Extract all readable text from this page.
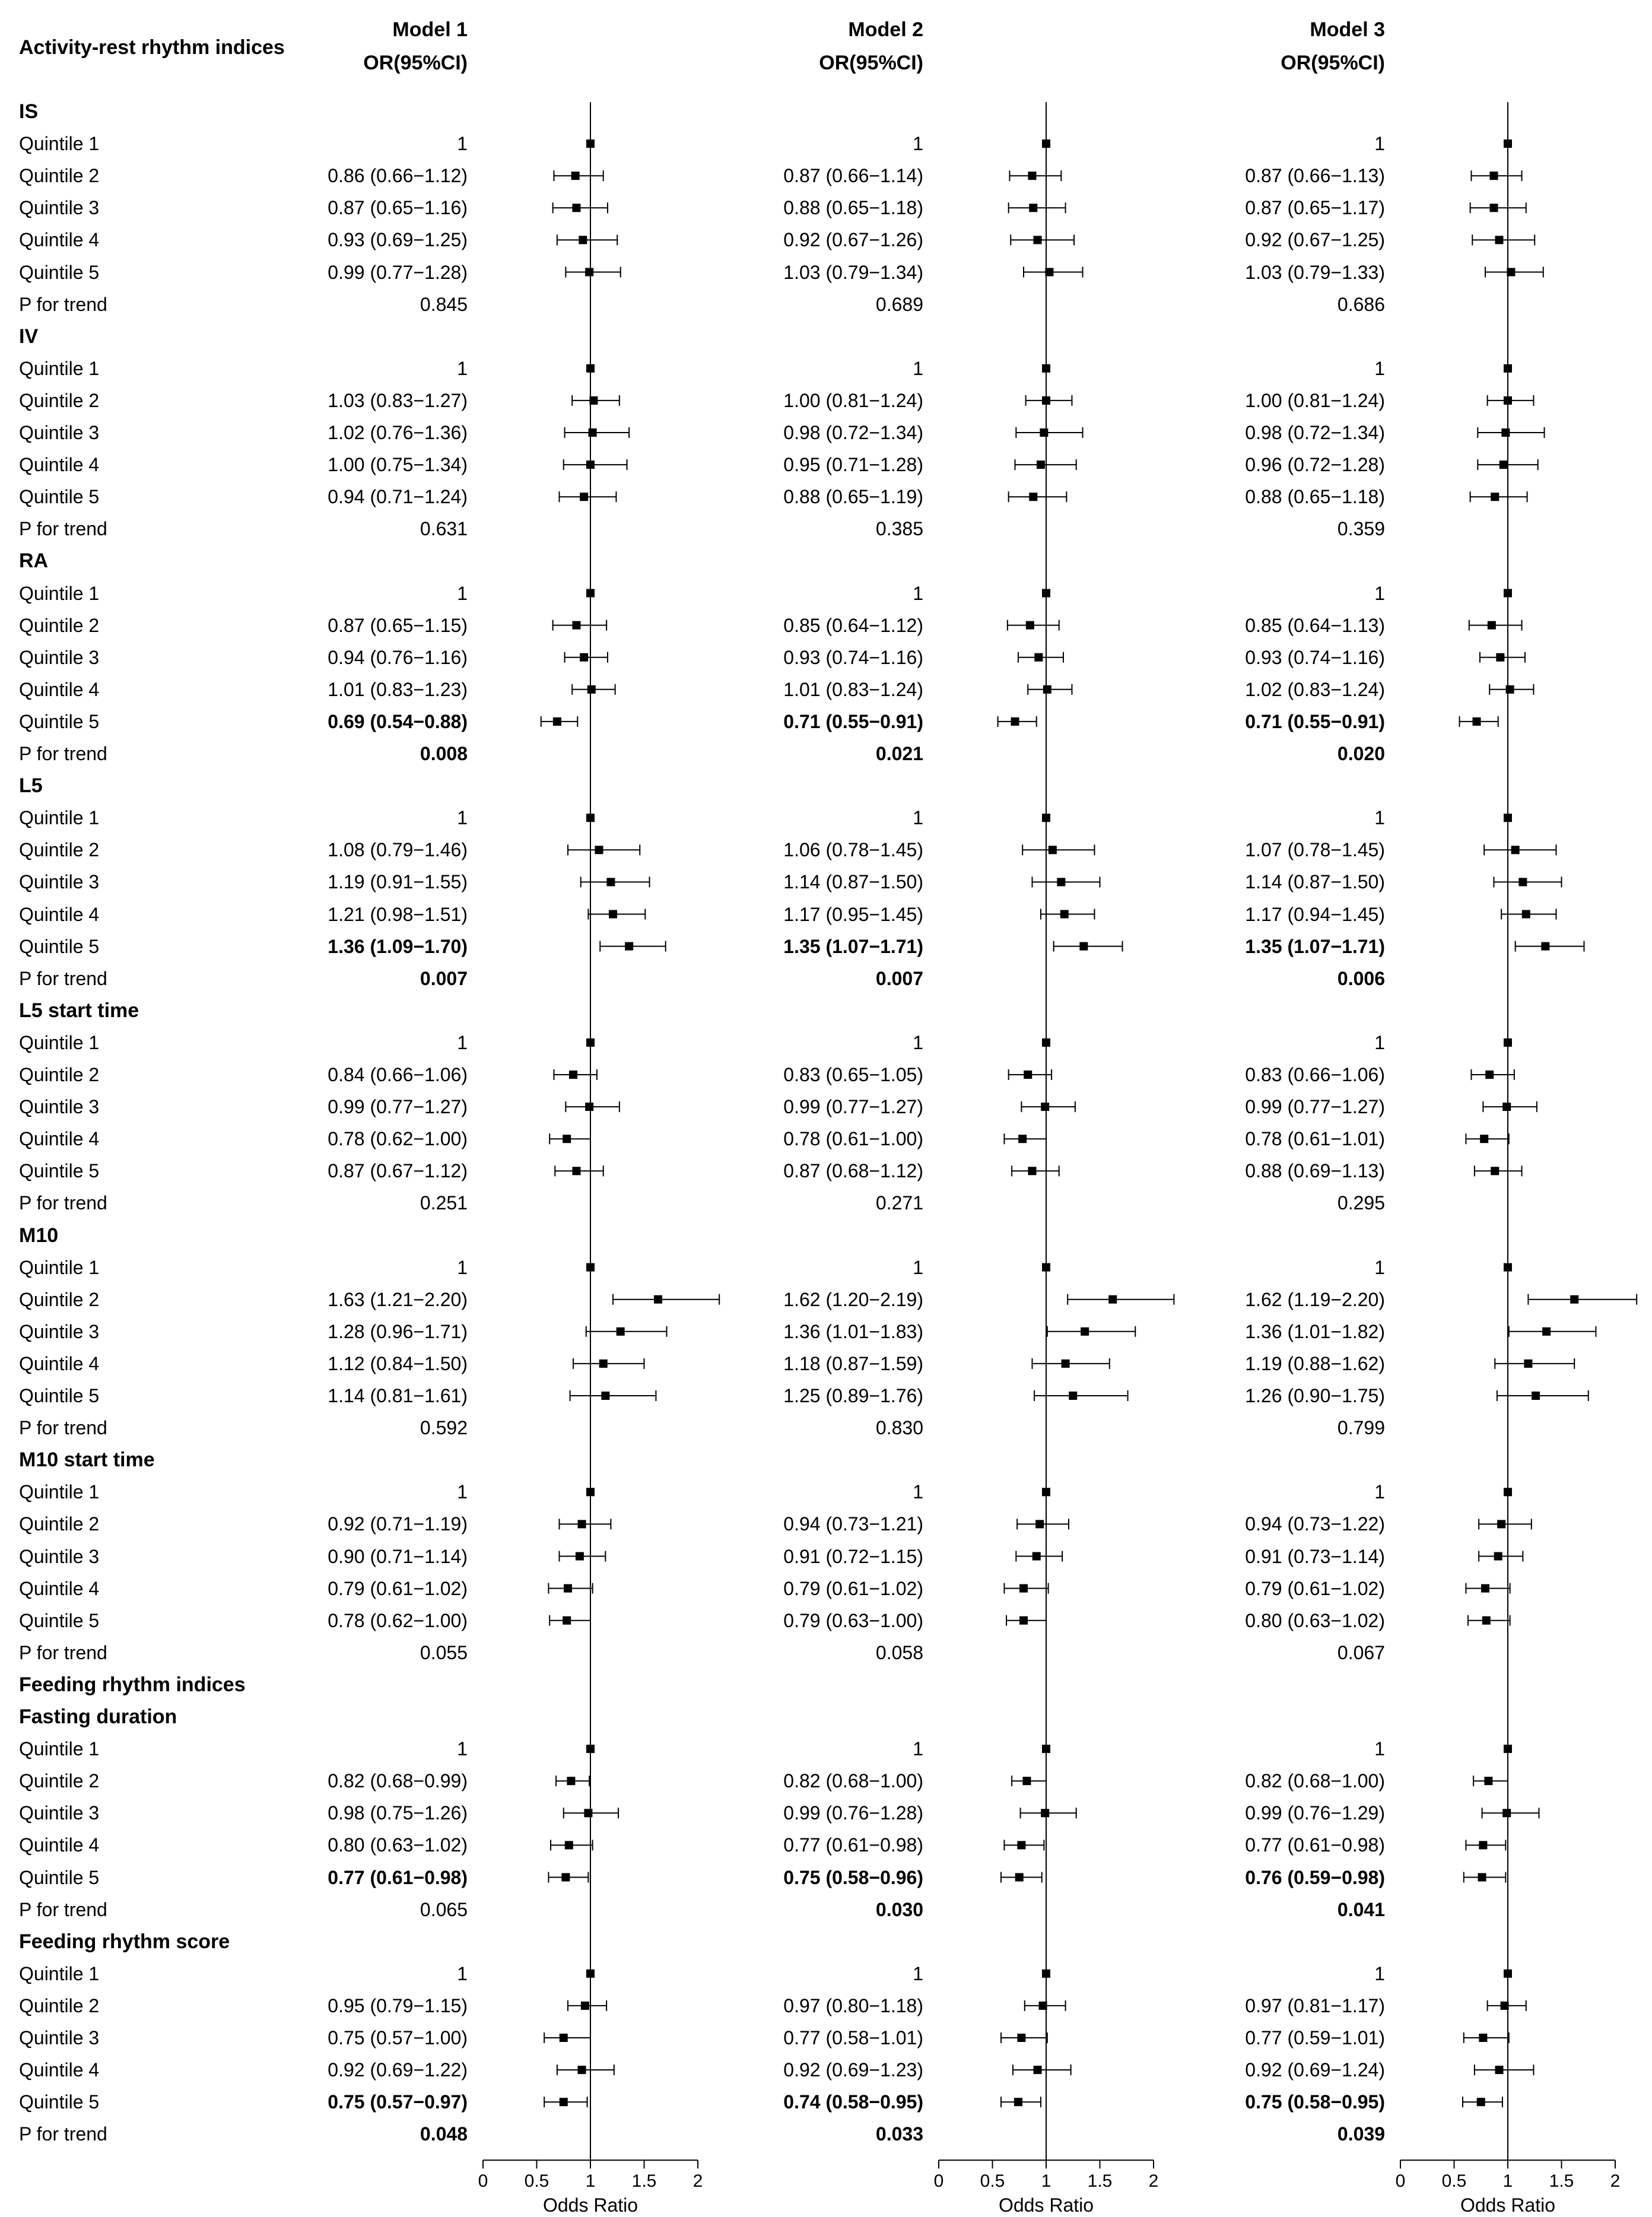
Activity-rest rhythm indices
Model 1
OR(95%CI)
Model 2
OR(95%CI)
Model 3
OR(95%CI)
0	0.5	1	1.5	2
Odds Ratio
0	0.5	1	1.5	2
Odds Ratio
0	0.5	1	1.5	2
Odds Ratio
IS
Quintile 1	1	1	1
Quintile 2	0.86 (0.66−1.12)	0.87 (0.66−1.14)	0.87 (0.66−1.13)
Quintile 3	0.87 (0.65−1.16)	0.88 (0.65−1.18)	0.87 (0.65−1.17)
Quintile 4	0.93 (0.69−1.25)	0.92 (0.67−1.26)	0.92 (0.67−1.25)
Quintile 5	0.99 (0.77−1.28)	1.03 (0.79−1.34)	1.03 (0.79−1.33)
P for trend	0.845	0.689	0.686
IV
Quintile 1	1	1	1
Quintile 2	1.03 (0.83−1.27)	1.00 (0.81−1.24)	1.00 (0.81−1.24)
Quintile 3	1.02 (0.76−1.36)	0.98 (0.72−1.34)	0.98 (0.72−1.34)
Quintile 4	1.00 (0.75−1.34)	0.95 (0.71−1.28)	0.96 (0.72−1.28)
Quintile 5	0.94 (0.71−1.24)	0.88 (0.65−1.19)	0.88 (0.65−1.18)
P for trend	0.631	0.385	0.359
RA
Quintile 1	1	1	1
Quintile 2	0.87 (0.65−1.15)	0.85 (0.64−1.12)	0.85 (0.64−1.13)
Quintile 3	0.94 (0.76−1.16)	0.93 (0.74−1.16)	0.93 (0.74−1.16)
Quintile 4	1.01 (0.83−1.23)	1.01 (0.83−1.24)	1.02 (0.83−1.24)
Quintile 5	0.69 (0.54−0.88)	0.71 (0.55−0.91)	0.71 (0.55−0.91)
P for trend	0.008	0.021	0.020
L5
Quintile 1	1	1	1
Quintile 2	1.08 (0.79−1.46)	1.06 (0.78−1.45)	1.07 (0.78−1.45)
Quintile 3	1.19 (0.91−1.55)	1.14 (0.87−1.50)	1.14 (0.87−1.50)
Quintile 4	1.21 (0.98−1.51)	1.17 (0.95−1.45)	1.17 (0.94−1.45)
Quintile 5	1.36 (1.09−1.70)	1.35 (1.07−1.71)	1.35 (1.07−1.71)
P for trend	0.007	0.007	0.006
L5 start time
Quintile 1	1	1	1
Quintile 2	0.84 (0.66−1.06)	0.83 (0.65−1.05)	0.83 (0.66−1.06)
Quintile 3	0.99 (0.77−1.27)	0.99 (0.77−1.27)	0.99 (0.77−1.27)
Quintile 4	0.78 (0.62−1.00)	0.78 (0.61−1.00)	0.78 (0.61−1.01)
Quintile 5	0.87 (0.67−1.12)	0.87 (0.68−1.12)	0.88 (0.69−1.13)
P for trend	0.251	0.271	0.295
M10
Quintile 1	1	1	1
Quintile 2	1.63 (1.21−2.20)	1.62 (1.20−2.19)	1.62 (1.19−2.20)
Quintile 3	1.28 (0.96−1.71)	1.36 (1.01−1.83)	1.36 (1.01−1.82)
Quintile 4	1.12 (0.84−1.50)	1.18 (0.87−1.59)	1.19 (0.88−1.62)
Quintile 5	1.14 (0.81−1.61)	1.25 (0.89−1.76)	1.26 (0.90−1.75)
P for trend	0.592	0.830	0.799
M10 start time
Quintile 1	1	1	1
Quintile 2	0.92 (0.71−1.19)	0.94 (0.73−1.21)	0.94 (0.73−1.22)
Quintile 3	0.90 (0.71−1.14)	0.91 (0.72−1.15)	0.91 (0.73−1.14)
Quintile 4	0.79 (0.61−1.02)	0.79 (0.61−1.02)	0.79 (0.61−1.02)
Quintile 5	0.78 (0.62−1.00)	0.79 (0.63−1.00)	0.80 (0.63−1.02)
P for trend	0.055	0.058	0.067
Feeding rhythm indices
Fasting duration
Quintile 1	1	1	1
Quintile 2	0.82 (0.68−0.99)	0.82 (0.68−1.00)	0.82 (0.68−1.00)
Quintile 3	0.98 (0.75−1.26)	0.99 (0.76−1.28)	0.99 (0.76−1.29)
Quintile 4	0.80 (0.63−1.02)	0.77 (0.61−0.98)	0.77 (0.61−0.98)
Quintile 5	0.77 (0.61−0.98)	0.75 (0.58−0.96)	0.76 (0.59−0.98)
P for trend	0.065	0.030	0.041
Feeding rhythm score
Quintile 1	1	1	1
Quintile 2	0.95 (0.79−1.15)	0.97 (0.80−1.18)	0.97 (0.81−1.17)
Quintile 3	0.75 (0.57−1.00)	0.77 (0.58−1.01)	0.77 (0.59−1.01)
Quintile 4	0.92 (0.69−1.22)	0.92 (0.69−1.23)	0.92 (0.69−1.24)
Quintile 5	0.75 (0.57−0.97)	0.74 (0.58−0.95)	0.75 (0.58−0.95)
P for trend	0.048	0.033	0.039
